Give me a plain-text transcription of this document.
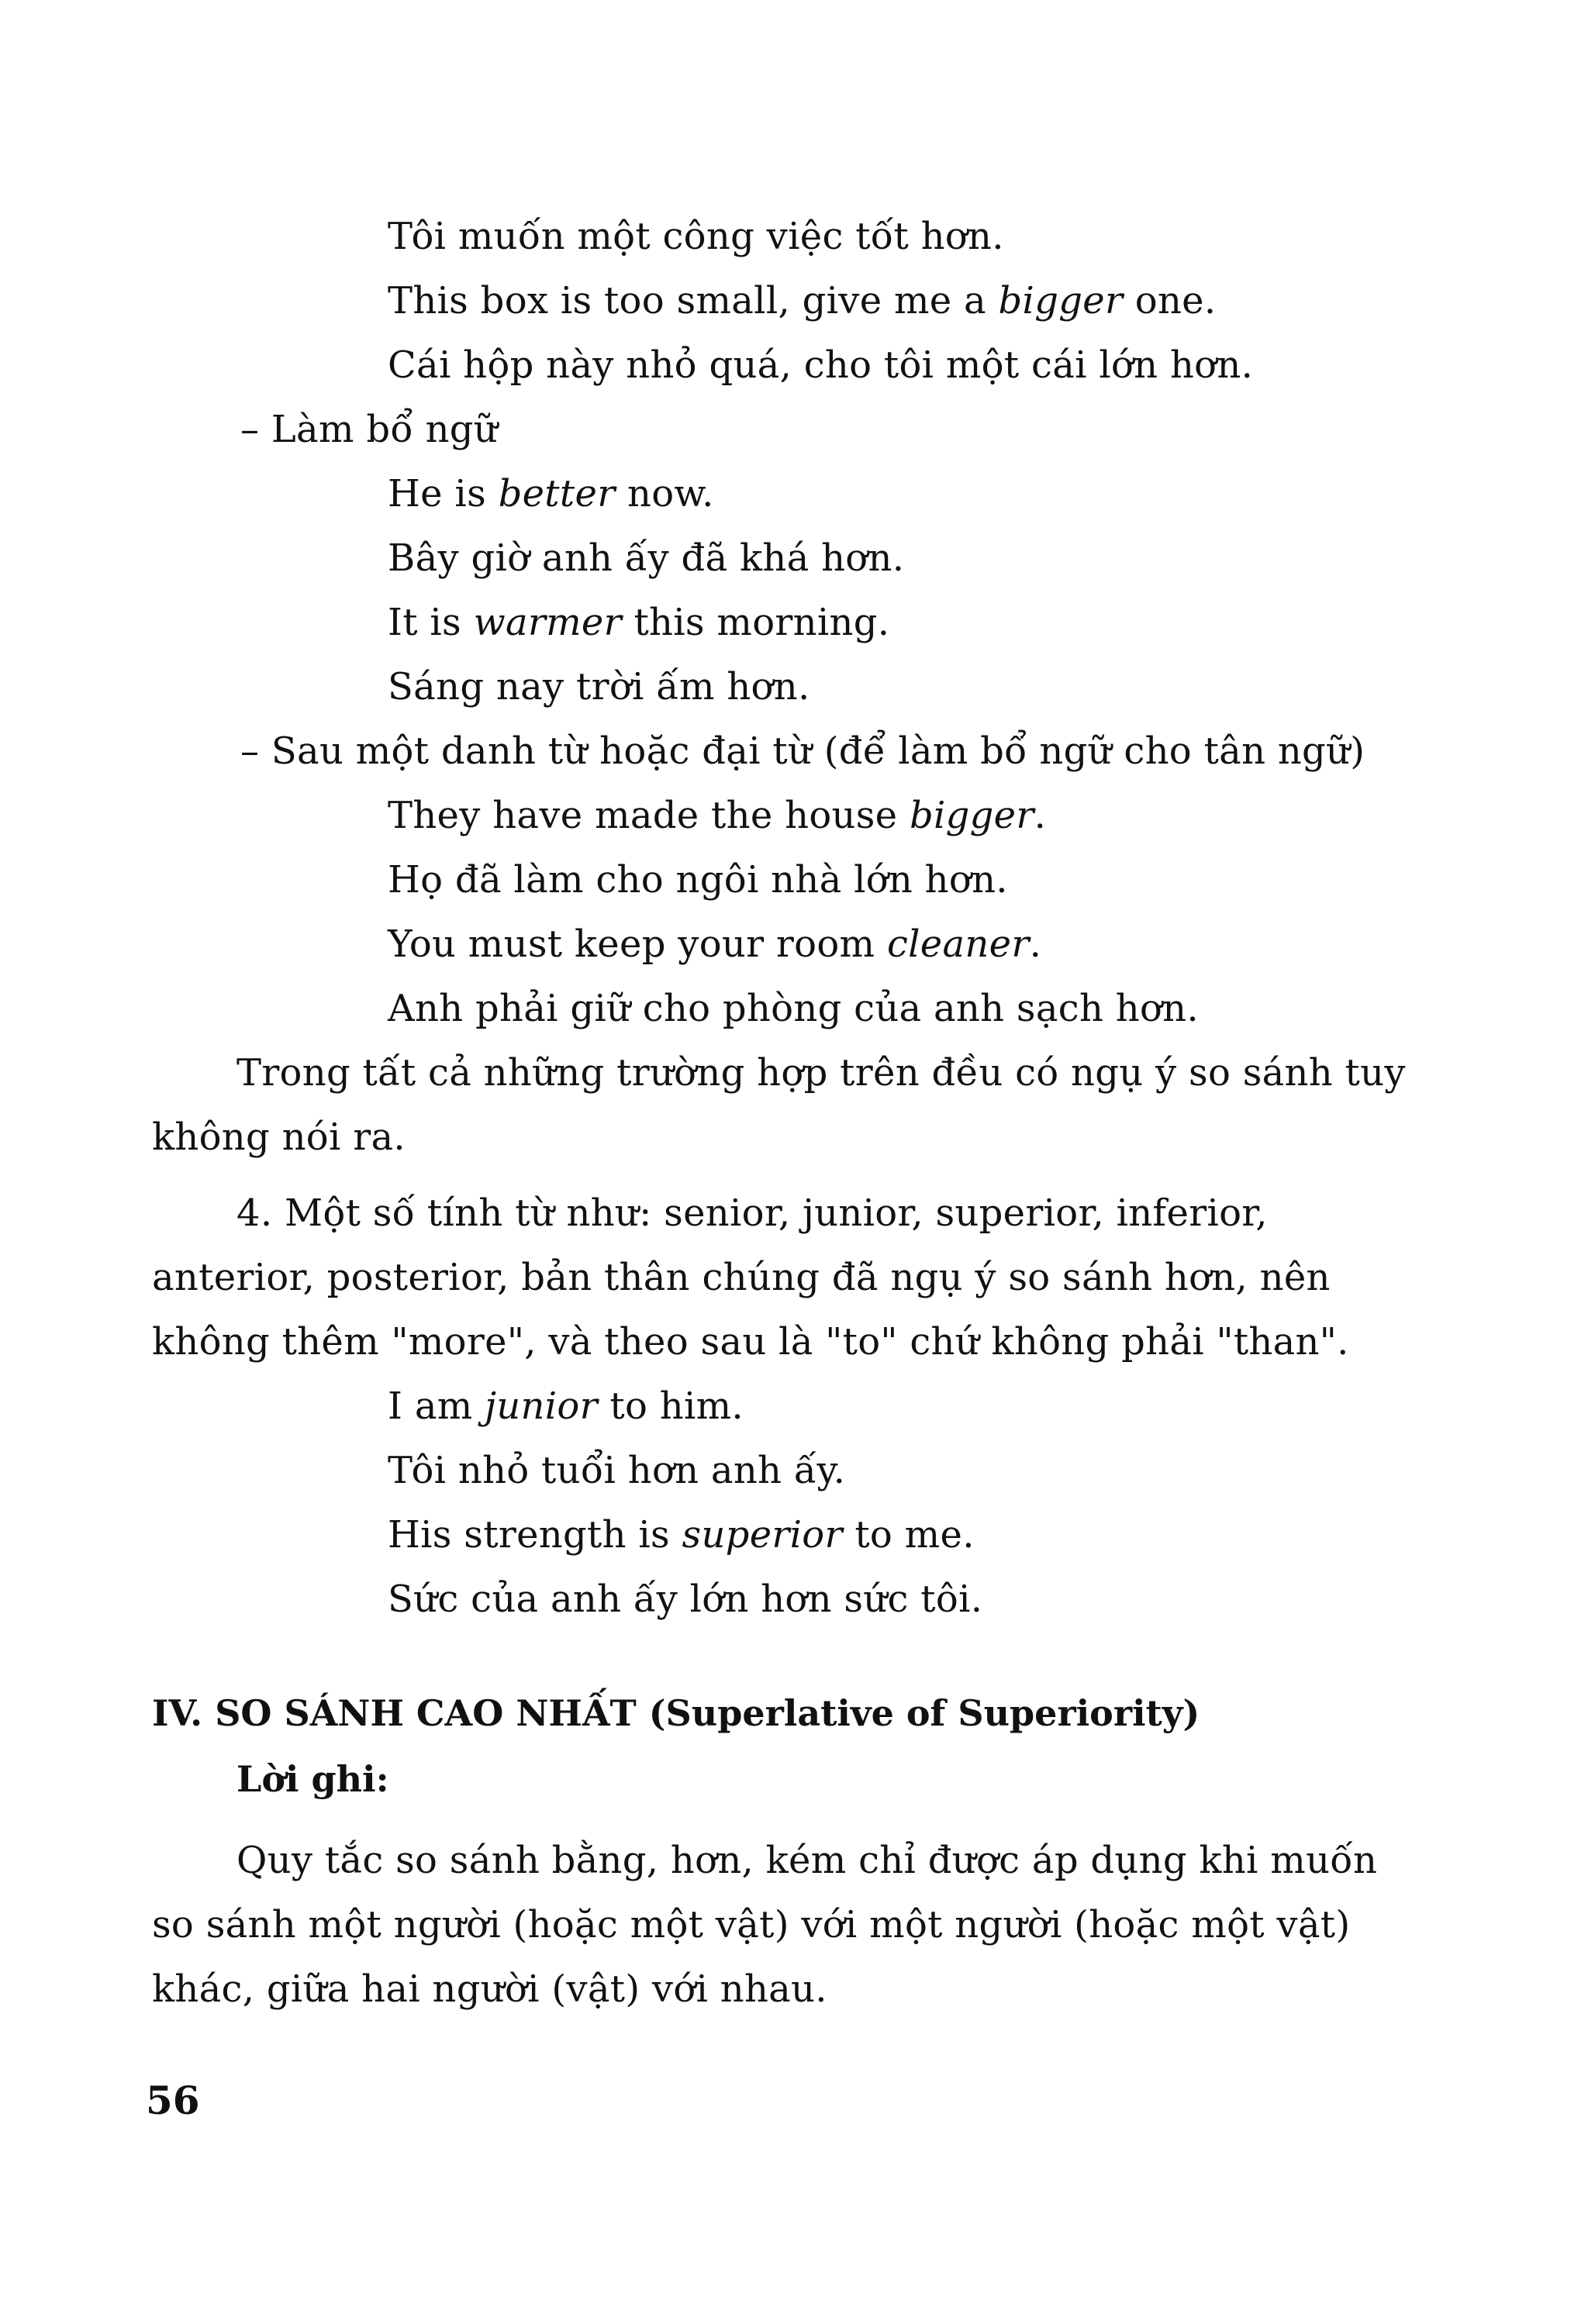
Tôi muốn một công việc tốt hơn.
This box is too small, give me a bigger one.
Cái hộp này nhỏ quá, cho tôi một cái lớn hơn.
– Làm bổ ngữ
He is better now.
Bây giờ anh ấy đã khá hơn.
It is warmer this morning.
Sáng nay trời ấm hơn.
– Sau một danh từ hoặc đại từ (để làm bổ ngữ cho tân ngữ)
They have made the house bigger.
Họ đã làm cho ngôi nhà lớn hơn.
You must keep your room cleaner.
Anh phải giữ cho phòng của anh sạch hơn.
Trong tất cả những trường hợp trên đều có ngụ ý so sánh tuy
không nói ra.
4. Một số tính từ như: senior, junior, superior, inferior,
anterior, posterior, bản thân chúng đã ngụ ý so sánh hơn, nên
không thêm "more", và theo sau là "to" chứ không phải "than".
I am junior to him.
Tôi nhỏ tuổi hơn anh ấy.
His strength is superior to me.
Sức của anh ấy lớn hơn sức tôi.
IV. SO SÁNH CAO NHẤT (Superlative of Superiority)
Lời ghi:
Quy tắc so sánh bằng, hơn, kém chỉ được áp dụng khi muốn
so sánh một người (hoặc một vật) với một người (hoặc một vật)
khác, giữa hai người (vật) với nhau.
56
